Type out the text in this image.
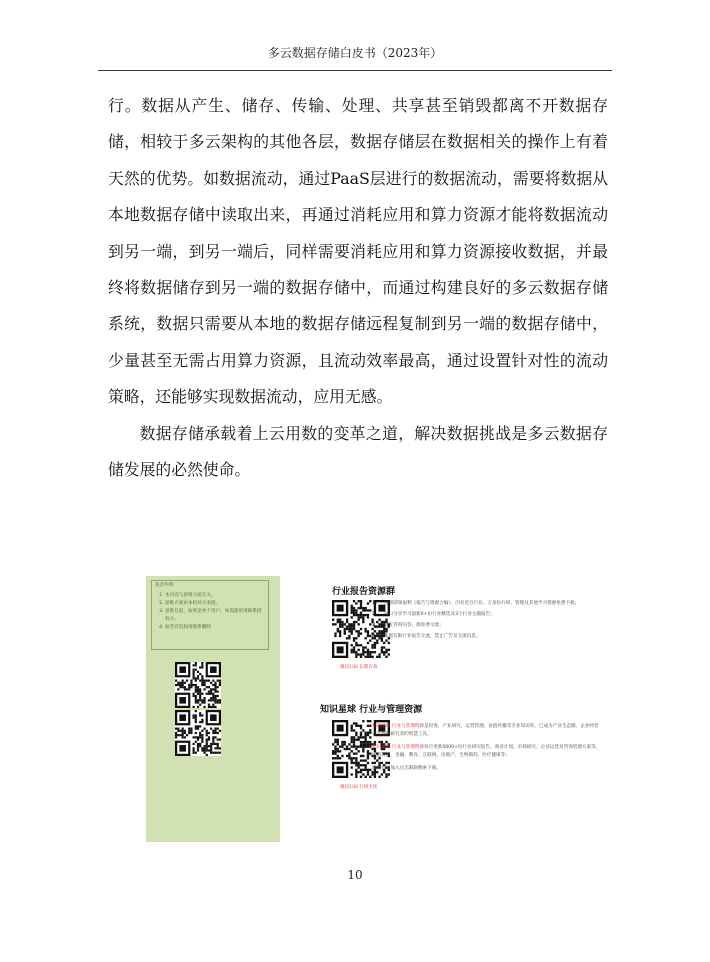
多云数据存储白皮书（2023年）

行。数据从产生、储存、传输、处理、共享甚至销毁都离不开数据存储，相较于多云架构的其他各层，数据存储层在数据相关的操作上有着天然的优势。如数据流动，通过PaaS层进行的数据流动，需要将数据从本地数据存储中读取出来，再通过消耗应用和算力资源才能将数据流动到另一端，到另一端后，同样需要消耗应用和算力资源接收数据，并最终将数据储存到另一端的数据存储中，而通过构建良好的多云数据存储系统，数据只需要从本地的数据存储远程复制到另一端的数据存储中，少量甚至无需占用算力资源，且流动效率最高，通过设置针对性的流动策略，还能够实现数据流动，应用无感。

数据存储承载着上云用数的变革之道，解决数据挑战是多云数据存储发展的必然使命。

免责申明：
1. 本内容与思维方面无关。
2. 思维方案由本机对分来链。
3. 思维目前，如果是单个用户，如需使用请联系授权方。
4. 如若有侵权请联系删除
行业报告资源群
微信扫码 长期有效
1.	进群即领福利《报告与资源合编》，内有近百行业、万余份行研、管理及其他学习资源免费下载；
2.	每日分享学习最新6+份行业精选及3个行业主题报告；
3.	群友咨询问答，群免费交流；
4.	本群仅限行业报告交流，禁止广告及交流信息。
知识星球 行业与管理资源
微信扫码 行研无忧

知识星球 行业与管理资源是投资、产业研究、运营管理、价值传播等专业知识库，已成为产业生态圈、企业经营者及数据研究者的智慧工具。

知识星球 行业与管理资源每月更新5000+份行业研究报告、商业计划、市场研究、企业运营及咨询管理方案等，涵盖科技、金融、教育、互联网、房地产、生物制药、医疗健康等；

微信扫码加入后无限制搜索下载。

10
